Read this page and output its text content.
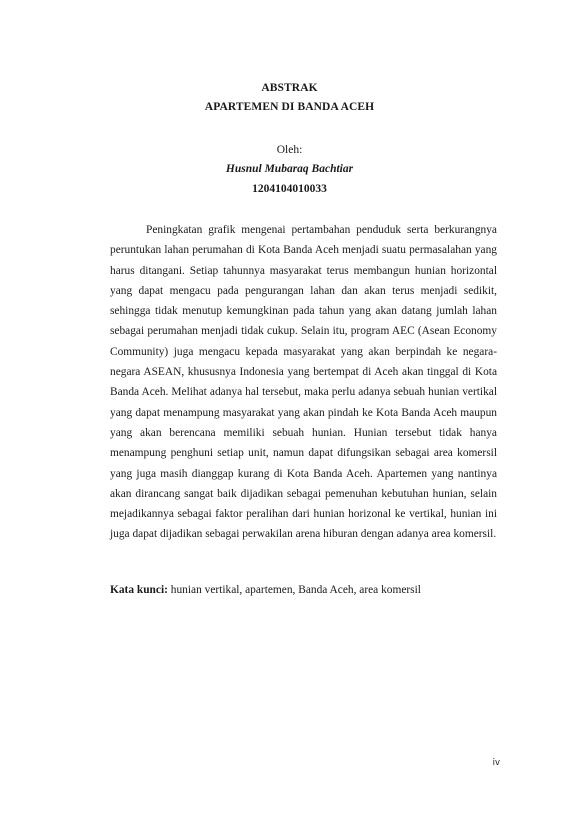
ABSTRAK
APARTEMEN DI BANDA ACEH
Oleh:
Husnul Mubaraq Bachtiar
1204104010033

Peningkatan grafik mengenai pertambahan penduduk serta berkurangnya peruntukan lahan perumahan di Kota Banda Aceh menjadi suatu permasalahan yang harus ditangani. Setiap tahunnya masyarakat terus membangun hunian horizontal yang dapat mengacu pada pengurangan lahan dan akan terus menjadi sedikit, sehingga tidak menutup kemungkinan pada tahun yang akan datang jumlah lahan sebagai perumahan menjadi tidak cukup. Selain itu, program AEC (Asean Economy Community) juga mengacu kepada masyarakat yang akan berpindah ke negara-negara ASEAN, khususnya Indonesia yang bertempat di Aceh akan tinggal di Kota Banda Aceh. Melihat adanya hal tersebut, maka perlu adanya sebuah hunian vertikal yang dapat menampung masyarakat yang akan pindah ke Kota Banda Aceh maupun yang akan berencana memiliki sebuah hunian. Hunian tersebut tidak hanya menampung penghuni setiap unit, namun dapat difungsikan sebagai area komersil yang juga masih dianggap kurang di Kota Banda Aceh. Apartemen yang nantinya akan dirancang sangat baik dijadikan sebagai pemenuhan kebutuhan hunian, selain mejadikannya sebagai faktor peralihan dari hunian horizonal ke vertikal, hunian ini juga dapat dijadikan sebagai perwakilan arena hiburan dengan adanya area komersil.

Kata kunci: hunian vertikal, apartemen, Banda Aceh, area komersil
iv
